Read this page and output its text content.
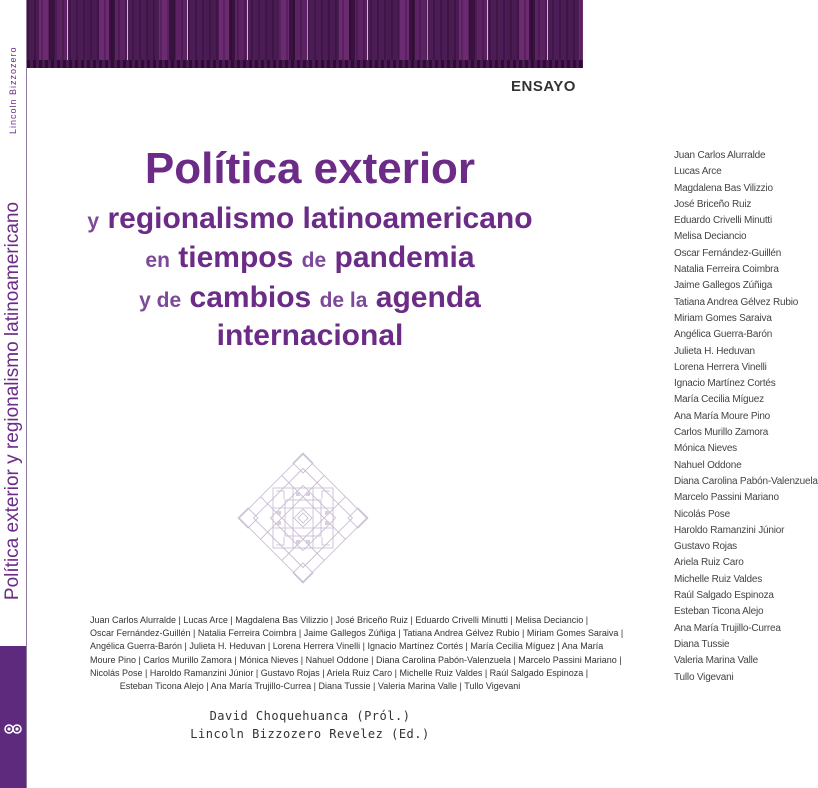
Lincoln Bizzozero
Política exterior y regionalismo latinoamericano
ENSAYO
Política exterior
y regionalismo latinoamericano
en tiempos de pandemia
y de cambios de la agenda
internacional
Juan Carlos Alurralde | Lucas Arce | Magdalena Bas Vilizzio | José Briceño Ruiz | Eduardo Crivelli Minutti | Melisa Deciancio |
Oscar Fernández-Guillén | Natalia Ferreira Coimbra | Jaime Gallegos Zúñiga | Tatiana Andrea Gélvez Rubio | Miriam Gomes Saraiva |
Angélica Guerra-Barón | Julieta H. Heduvan | Lorena Herrera Vinelli | Ignacio Martínez Cortés | María Cecilia Míguez | Ana María
Moure Pino | Carlos Murillo Zamora | Mónica Nieves | Nahuel Oddone | Diana Carolina Pabón-Valenzuela | Marcelo Passini Mariano |
Nicolás Pose | Haroldo Ramanzini Júnior | Gustavo Rojas | Ariela Ruiz Caro | Michelle Ruiz Valdes | Raúl Salgado Espinoza |
Esteban Ticona Alejo | Ana María Trujillo-Currea | Diana Tussie | Valeria Marina Valle | Tullo Vigevani
David Choquehuanca (Pról.)
Lincoln Bizzozero Revelez (Ed.)
Juan Carlos Alurralde
Lucas Arce
Magdalena Bas Vilizzio
José Briceño Ruiz
Eduardo Crivelli Minutti
Melisa Deciancio
Oscar Fernández-Guillén
Natalia Ferreira Coimbra
Jaime Gallegos Zúñiga
Tatiana Andrea Gélvez Rubio
Miriam Gomes Saraiva
Angélica Guerra-Barón
Julieta H. Heduvan
Lorena Herrera Vinelli
Ignacio Martínez Cortés
María Cecilia Míguez
Ana María Moure Pino
Carlos Murillo Zamora
Mónica Nieves
Nahuel Oddone
Diana Carolina Pabón-Valenzuela
Marcelo Passini Mariano
Nicolás Pose
Haroldo Ramanzini Júnior
Gustavo Rojas
Ariela Ruiz Caro
Michelle Ruiz Valdes
Raúl Salgado Espinoza
Esteban Ticona Alejo
Ana María Trujillo-Currea
Diana Tussie
Valeria Marina Valle
Tullo Vigevani
